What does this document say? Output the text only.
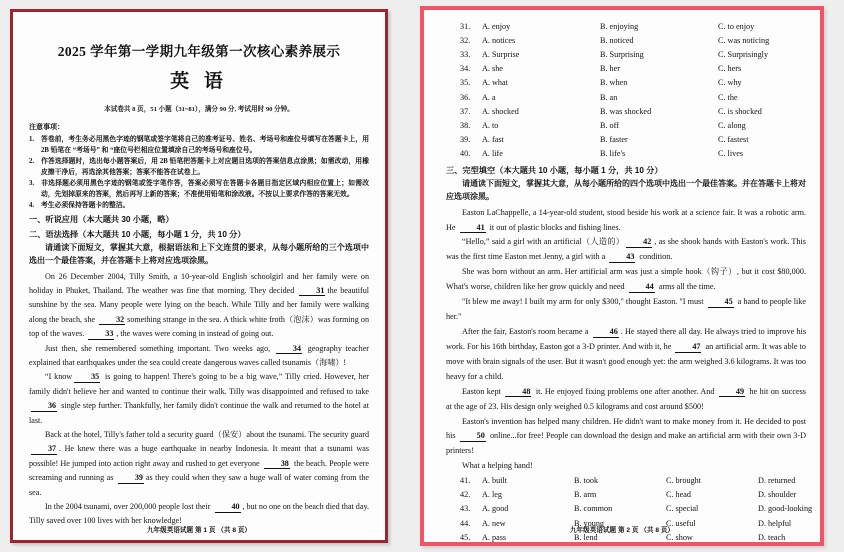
2025 学年第一学期九年级第一次核心素养展示
英 语
本试卷共 8 页，51 小题（31~81），满分 90 分, 考试用时 90 分钟。
注意事项：
1. 答卷前，考生务必用黑色字迹的钢笔或签字笔将自己的准考证号、姓名、考场号和座位号填写在答题卡上，用 2B 铅笔在 “考场号” 和 “座位号栏相应位置填涂自己的考场号和座位号。
2. 作答选择题时，选出每小题答案后，用 2B 铅笔把答题卡上对应题目选项的答案信息点涂黑；如需改动，用橡皮擦干净后，再选涂其他答案；答案不能答在试卷上。
3. 非选择题必须用黑色字迹的钢笔或签字笔作答，答案必须写在答题卡各题目指定区域内相应位置上；如需改动，先划掉原来的答案，然后再写上新的答案；不准使用铅笔和涂改液。不按以上要求作答的答案无效。
4. 考生必须保持答题卡的整洁。
一、听说应用（本大题共 30 小题，略）
二、语法选择（本大题共 10 小题，每小题 1 分，共 10 分）
请通读下面短文，掌握其大意，根据语法和上下文连贯的要求，从每小题所给的三个选项中选出一个最佳答案，并在答题卡上将对应选项涂黑。

On 26 December 2004, Tilly Smith, a 10-year-old English schoolgirl and her family were on holiday in Phuket, Thailand. The weather was fine that morning. They decided 31 the beautiful sunshine by the sea. Many people were lying on the beach. While Tilly and her family were walking along the beach, she 32 something strange in the sea. A thick white froth（泡沫）was forming on top of the waves. 33 , the waves were coming in instead of going out.

Just then, she remembered something important. Two weeks ago, 34 geography teacher explained that earthquakes under the sea could create dangerous waves called tsunamis（海啸）!

“I know 35 is going to happen! There's going to be a big wave,” Tilly cried. However, her family didn't believe her and wanted to continue their walk. Tilly was disappointed and refused to take 36 single step further. Thankfully, her family didn't continue the walk and returned to the hotel at last.

Back at the hotel, Tilly's father told a security guard（保安）about the tsunami. The security guard 37 . He knew there was a huge earthquake in nearby Indonesia. It meant that a tsunami was possible! He jumped into action right away and rushed to get everyone 38 the beach. People were screaming and running as 39 as they could when they saw a huge wall of water coming from the sea.

In the 2004 tsunami, over 200,000 people lost their 40 , but no one on the beach died that day. Tilly saved over 100 lives with her knowledge!

九年级英语试题 第 1 页 （共 8 页）
31.	A. enjoy	B. enjoying	C. to enjoy
32.	A. notices	B. noticed	C. was noticing
33.	A. Surprise	B. Surprising	C. Surprisingly
34.	A. she	B. her	C. hers
35.	A. what	B. when	C. why
36.	A. a	B. an	C. the
37.	A. shocked	B. was shocked	C. is shocked
38.	A. to	B. off	C. along
39.	A. fast	B. faster	C. fastest
40.	A. life	B. life's	C. lives
三、完型填空（本大题共 10 小题，每小题 1 分，共 10 分）
请通读下面短文，掌握其大意，从每小题所给的四个选项中选出一个最佳答案。并在答题卡上将对应选项涂黑。

Easton LaChappelle, a 14-year-old student, stood beside his work at a science fair. It was a robotic arm. He 41 it out of plastic blocks and fishing lines.

“Hello,” said a girl with an artificial（人造的） 42 , as she shook hands with Easton's work. This was the first time Easton met Jenny, a girl with a 43 condition.

She was born without an arm. Her artificial arm was just a simple hook（钩子）, but it cost $80,000. What's worse, children like her grow quickly and need 44 arms all the time.

"It blew me away! I built my arm for only $300," thought Easton. "I must 45 a hand to people like her."

After the fair, Easton's room became a 46 . He stayed there all day. He always tried to improve his work. For his 16th birthday, Easton got a 3-D printer. And with it, he 47 an artificial arm. It was able to move with brain signals of the user. But it wasn't good enough yet: the arm weighed 3.6 kilograms. It was too heavy for a child.

Easton kept 48 it. He enjoyed fixing problems one after another. And 49 he hit on success at the age of 23. His design only weighed 0.5 kilograms and cost around $500!

Easton's invention has helped many children. He didn't want to make money from it. He decided to post his 50 online...for free! People can download the design and make an artificial arm with their own 3-D printers!

What a helping hand!

41.	A. built	B. took	C. brought	D. returned
42.	A. leg	B. arm	C. head	D. shoulder
43.	A. good	B. common	C. special	D. good-looking
44.	A. new	B. young	C. useful	D. helpful
45.	A. pass	B. lend	C. show	D. teach
九年级英语试题 第 2 页 （共 8 页）
